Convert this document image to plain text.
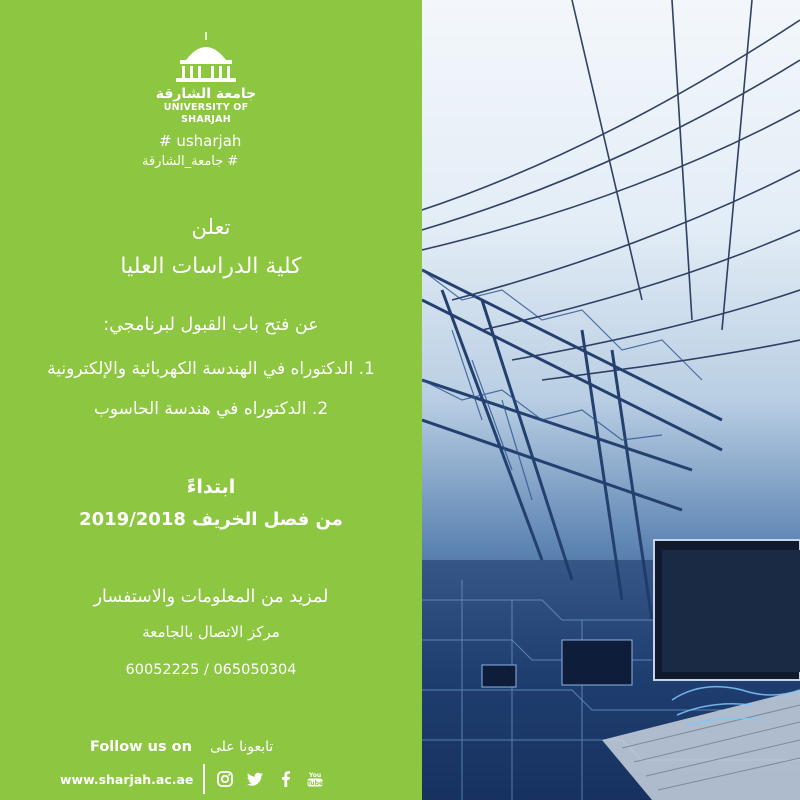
جامعة الشارقة
UNIVERSITY OF SHARJAH
# usharjah
# جامعة_الشارقة
تعلن
كلية الدراسات العليا
عن فتح باب القبول لبرنامجي:
1. الدكتوراه في الهندسة الكهربائية والإلكترونية
2. الدكتوراه في هندسة الحاسوب
ابتداءً
من فصل الخريف 2019/2018
لمزيد من المعلومات والاستفسار
مركز الاتصال بالجامعة
60052225 / 065050304
Follow us on تابعونا على
www.sharjah.ac.ae	You
Tube
